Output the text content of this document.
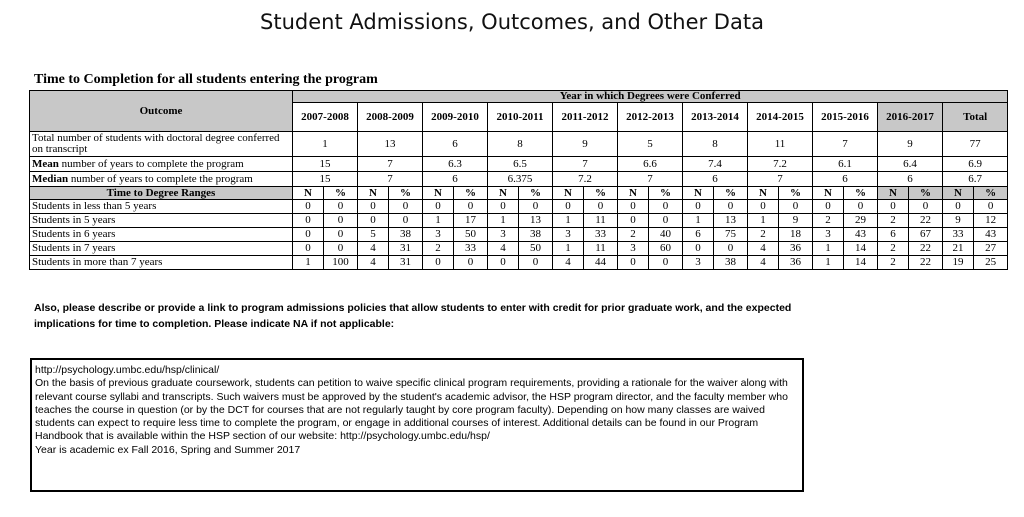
Student Admissions, Outcomes, and Other Data
Time to Completion for all students entering the program
Outcome	Year in which Degrees were Conferred																					
	2007-2008		2008-2009		2009-2010		2010-2011		2011-2012		2012-2013		2013-2014		2014-2015		2015-2016		2016-2017		Total	
Total number of students with doctoral degree conferred on transcript	1		13		6		8		9		5		8		11		7		9		77	
Mean number of years to complete the program	15		7		6.3		6.5		7		6.6		7.4		7.2		6.1		6.4		6.9	
Median number of years to complete the program	15		7		6		6.375		7.2		7		6		7		6		6		6.7	
Time to Degree Ranges	N	%	N	%	N	%	N	%	N	%	N	%	N	%	N	%	N	%	N	%	N	%
Students in less than 5 years	0	0	0	0	0	0	0	0	0	0	0	0	0	0	0	0	0	0	0	0	0	0
Students in 5 years	0	0	0	0	1	17	1	13	1	11	0	0	1	13	1	9	2	29	2	22	9	12
Students in 6 years	0	0	5	38	3	50	3	38	3	33	2	40	6	75	2	18	3	43	6	67	33	43
Students in 7 years	0	0	4	31	2	33	4	50	1	11	3	60	0	0	4	36	1	14	2	22	21	27
Students in more than 7 years	1	100	4	31	0	0	0	0	4	44	0	0	3	38	4	36	1	14	2	22	19	25
Also, please describe or provide a link to program admissions policies that allow students to enter with credit for prior graduate work, and the expected implications for time to completion. Please indicate NA if not applicable:
http://psychology.umbc.edu/hsp/clinical/
On the basis of previous graduate coursework, students can petition to waive specific clinical program requirements, providing a rationale for the waiver along with relevant course syllabi and transcripts. Such waivers must be approved by the student's academic advisor, the HSP program director, and the faculty member who teaches the course in question (or by the DCT for courses that are not regularly taught by core program faculty). Depending on how many classes are waived students can expect to require less time to complete the program, or engage in additional courses of interest. Additional details can be found in our Program Handbook that is available within the HSP section of our website: http://psychology.umbc.edu/hsp/
Year is academic ex Fall 2016, Spring and Summer 2017
